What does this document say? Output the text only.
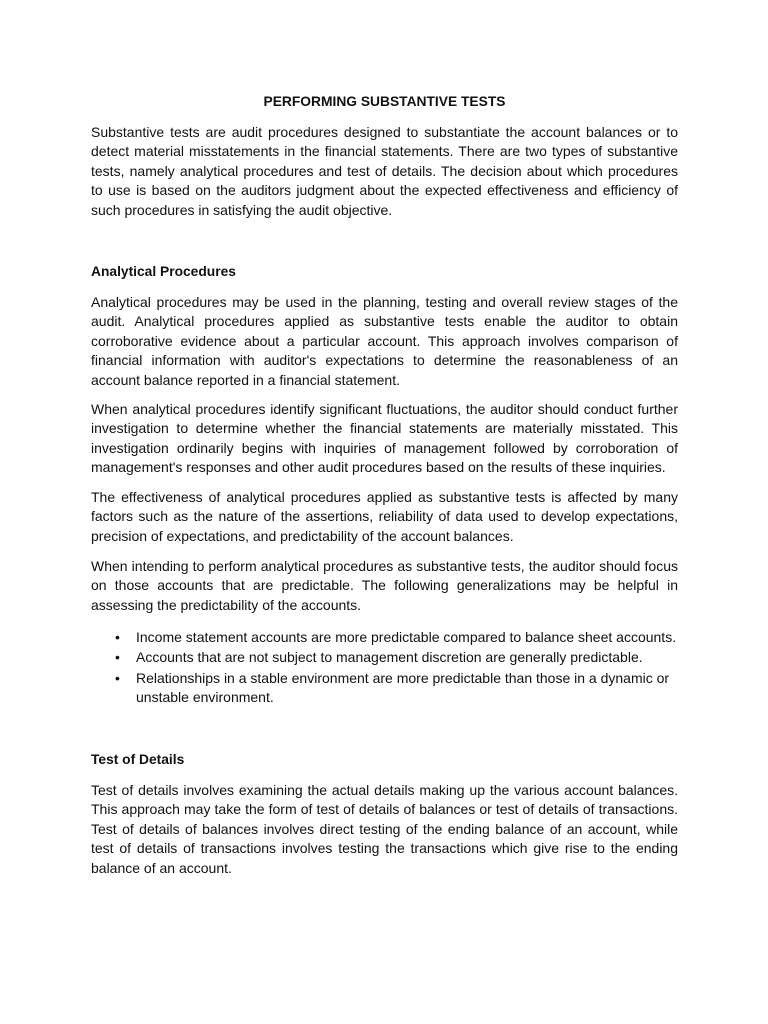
PERFORMING SUBSTANTIVE TESTS

Substantive tests are audit procedures designed to substantiate the account balances or to detect material misstatements in the financial statements. There are two types of substantive tests, namely analytical procedures and test of details. The decision about which procedures to use is based on the auditors judgment about the expected effectiveness and efficiency of such procedures in satisfying the audit objective.

Analytical Procedures

Analytical procedures may be used in the planning, testing and overall review stages of the audit. Analytical procedures applied as substantive tests enable the auditor to obtain corroborative evidence about a particular account. This approach involves comparison of financial information with auditor's expectations to determine the reasonableness of an account balance reported in a financial statement.

When analytical procedures identify significant fluctuations, the auditor should conduct further investigation to determine whether the financial statements are materially misstated. This investigation ordinarily begins with inquiries of management followed by corroboration of management's responses and other audit procedures based on the results of these inquiries.

The effectiveness of analytical procedures applied as substantive tests is affected by many factors such as the nature of the assertions, reliability of data used to develop expectations, precision of expectations, and predictability of the account balances.

When intending to perform analytical procedures as substantive tests, the auditor should focus on those accounts that are predictable. The following generalizations may be helpful in assessing the predictability of the accounts.

• Income statement accounts are more predictable compared to balance sheet accounts.
• Accounts that are not subject to management discretion are generally predictable.
• Relationships in a stable environment are more predictable than those in a dynamic or unstable environment.
Test of Details

Test of details involves examining the actual details making up the various account balances. This approach may take the form of test of details of balances or test of details of transactions. Test of details of balances involves direct testing of the ending balance of an account, while test of details of transactions involves testing the transactions which give rise to the ending balance of an account.
